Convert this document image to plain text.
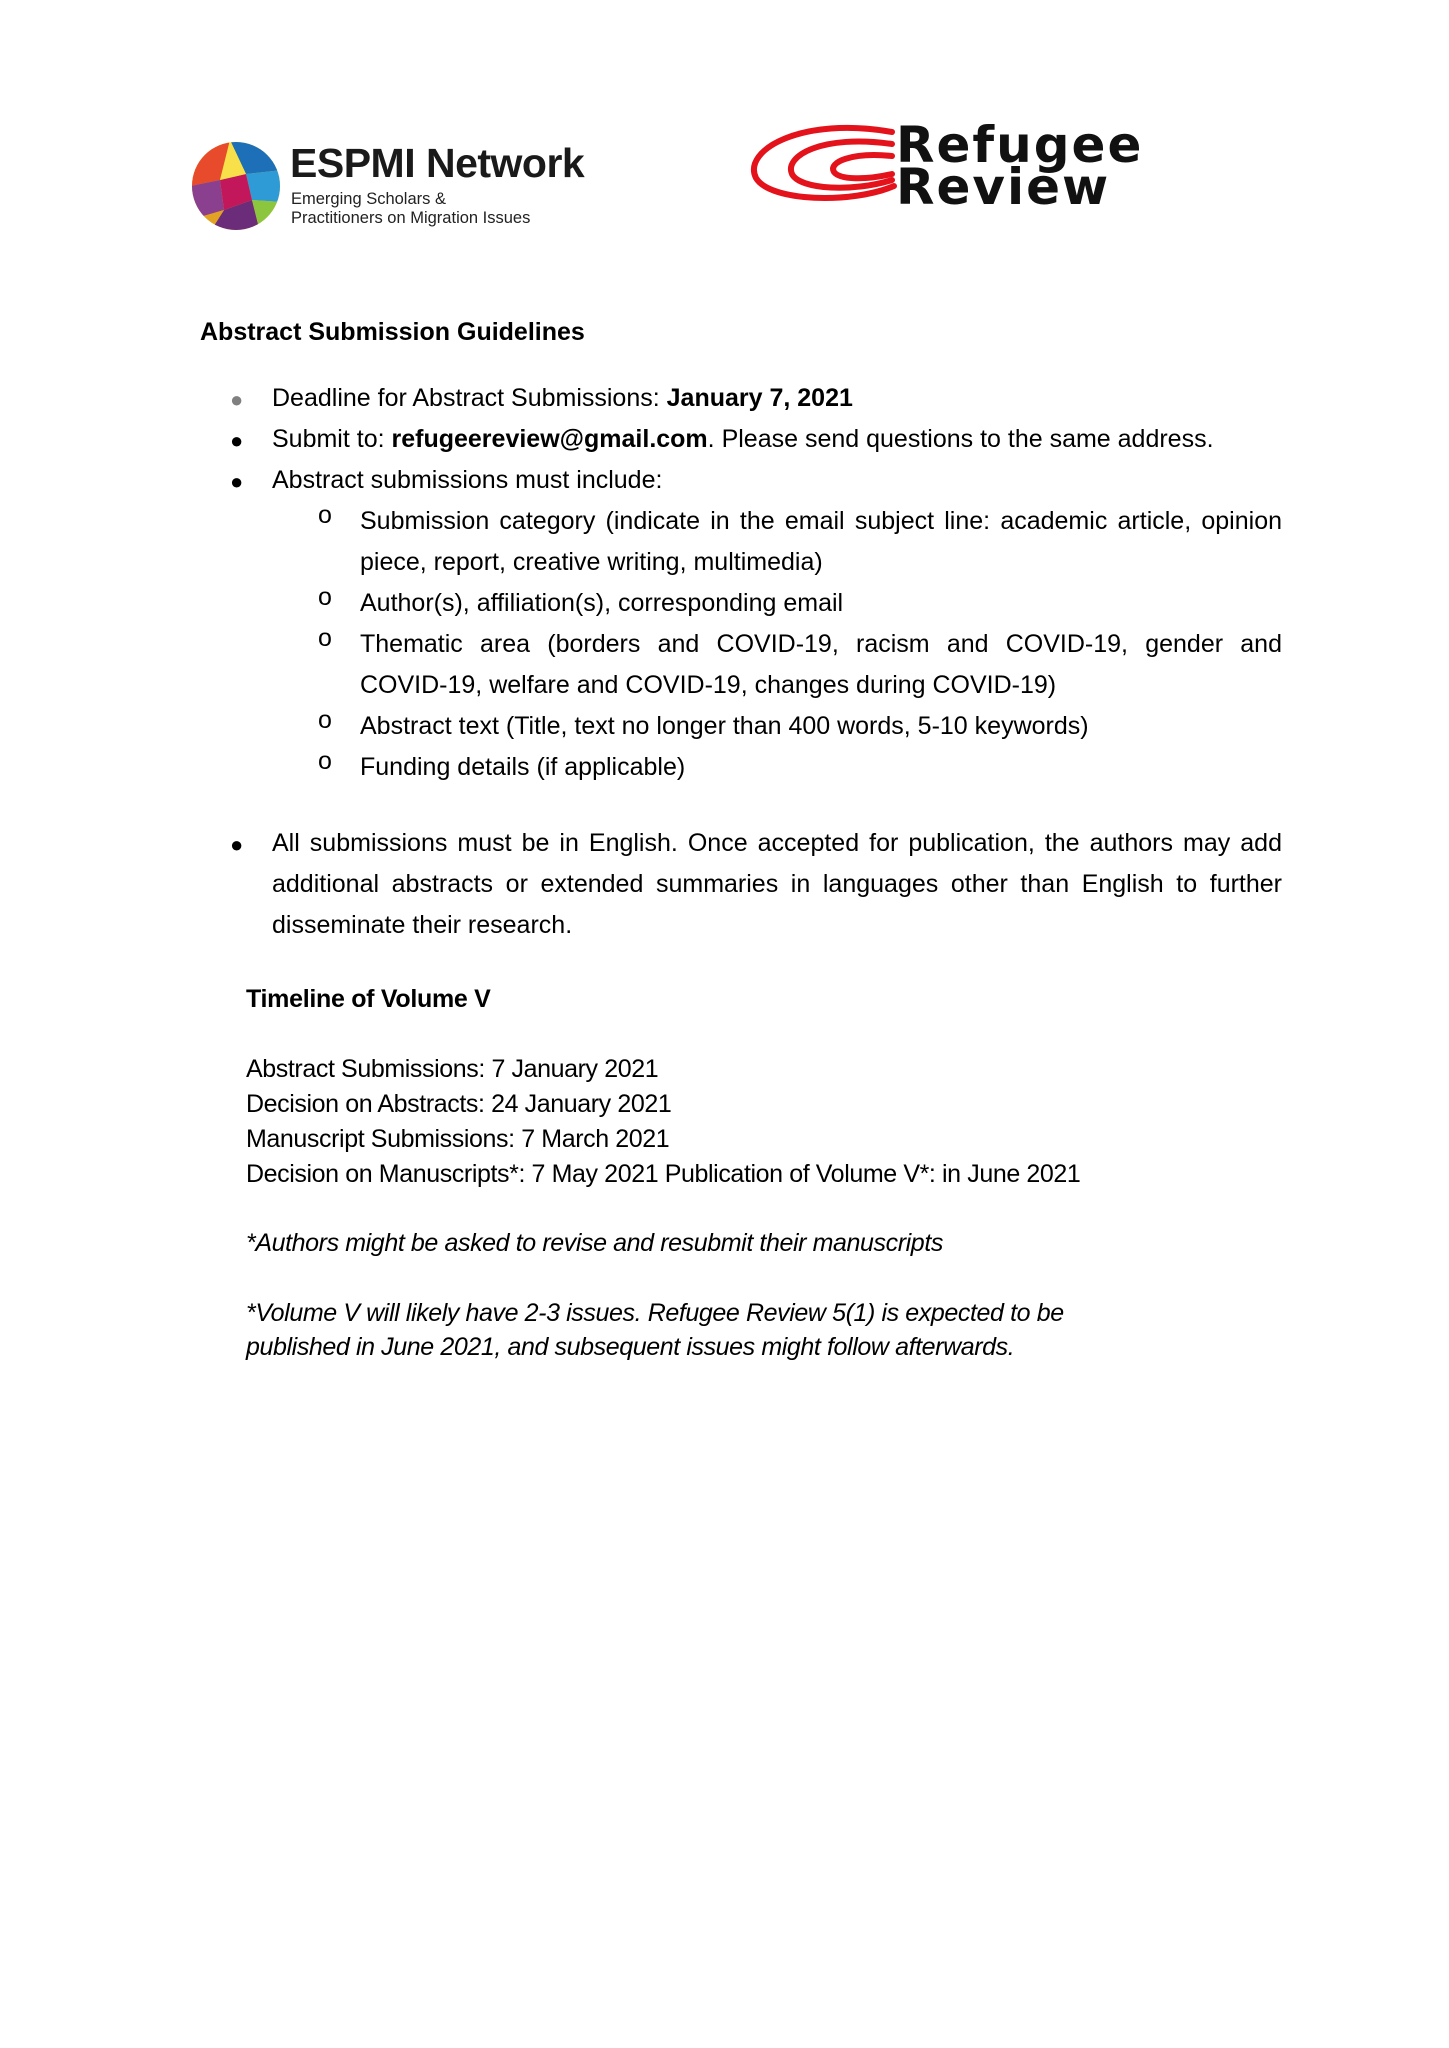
ESPMI Network
Emerging Scholars &
Practitioners on Migration Issues
Refugee
Review
Abstract Submission Guidelines
● Deadline for Abstract Submissions: January 7, 2021
● Submit to: refugeereview@gmail.com. Please send questions to the same address.
● Abstract submissions must include:
o Submission category (indicate in the email subject line: academic article, opinion piece, report, creative writing, multimedia)
o Author(s), affiliation(s), corresponding email
o Thematic area (borders and COVID-19, racism and COVID-19, gender and COVID-19, welfare and COVID-19, changes during COVID-19)
o Abstract text (Title, text no longer than 400 words, 5-10 keywords)
o Funding details (if applicable)
● All submissions must be in English. Once accepted for publication, the authors may add additional abstracts or extended summaries in languages other than English to further disseminate their research.
Timeline of Volume V
Abstract Submissions: 7 January 2021
Decision on Abstracts: 24 January 2021
Manuscript Submissions: 7 March 2021
Decision on Manuscripts*: 7 May 2021 Publication of Volume V*: in June 2021
*Authors might be asked to revise and resubmit their manuscripts
*Volume V will likely have 2-3 issues. Refugee Review 5(1) is expected to be
published in June 2021, and subsequent issues might follow afterwards.
